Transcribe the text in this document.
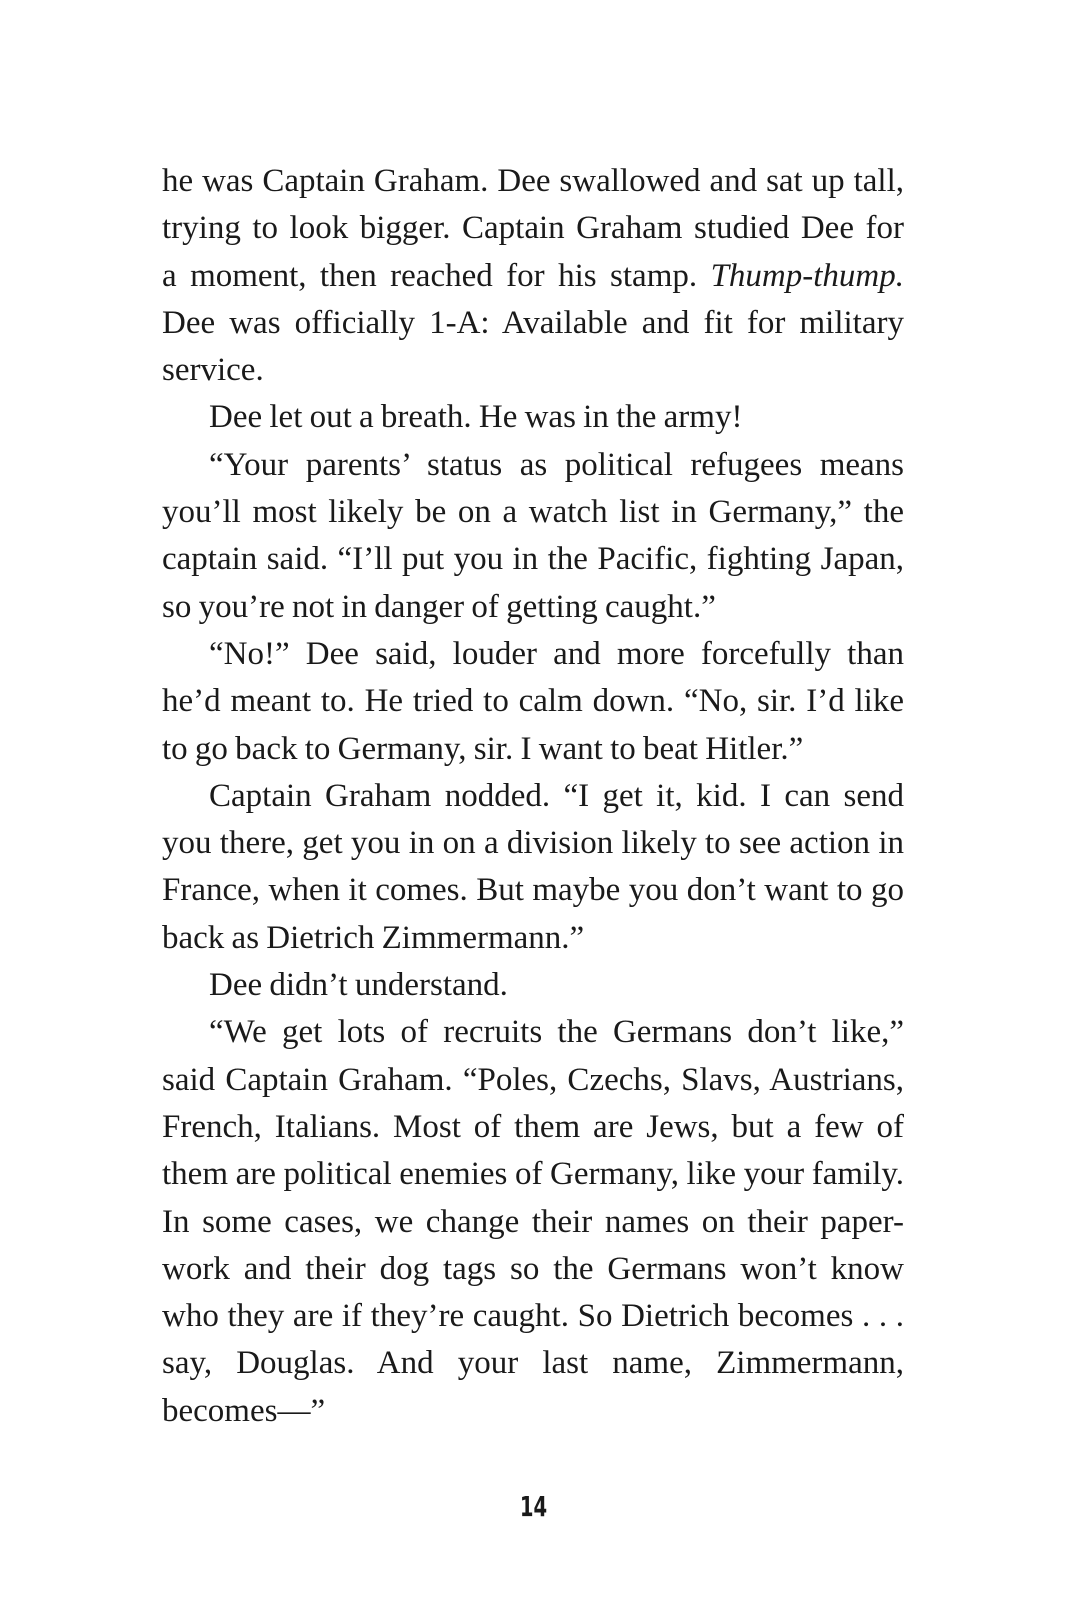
he was Captain Graham. Dee swallowed and sat up tall,
trying to look bigger. Captain Graham studied Dee for
a moment, then reached for his stamp. Thump-thump.
Dee was officially 1-A: Available and fit for military
service.
Dee let out a breath. He was in the army!
“Your parents’ status as political refugees means
you’ll most likely be on a watch list in Germany,” the
captain said. “I’ll put you in the Pacific, fighting Japan,
so you’re not in danger of getting caught.”
“No!” Dee said, louder and more forcefully than
he’d meant to. He tried to calm down. “No, sir. I’d like
to go back to Germany, sir. I want to beat Hitler.”
Captain Graham nodded. “I get it, kid. I can send
you there, get you in on a division likely to see action in
France, when it comes. But maybe you don’t want to go
back as Dietrich Zimmermann.”
Dee didn’t understand.
“We get lots of recruits the Germans don’t like,”
said Captain Graham. “Poles, Czechs, Slavs, Austrians,
French, Italians. Most of them are Jews, but a few of
them are political enemies of Germany, like your family.
In some cases, we change their names on their paper-
work and their dog tags so the Germans won’t know
who they are if they’re caught. So Dietrich becomes . . .
say, Douglas. And your last name, Zimmermann,
becomes—”
14
